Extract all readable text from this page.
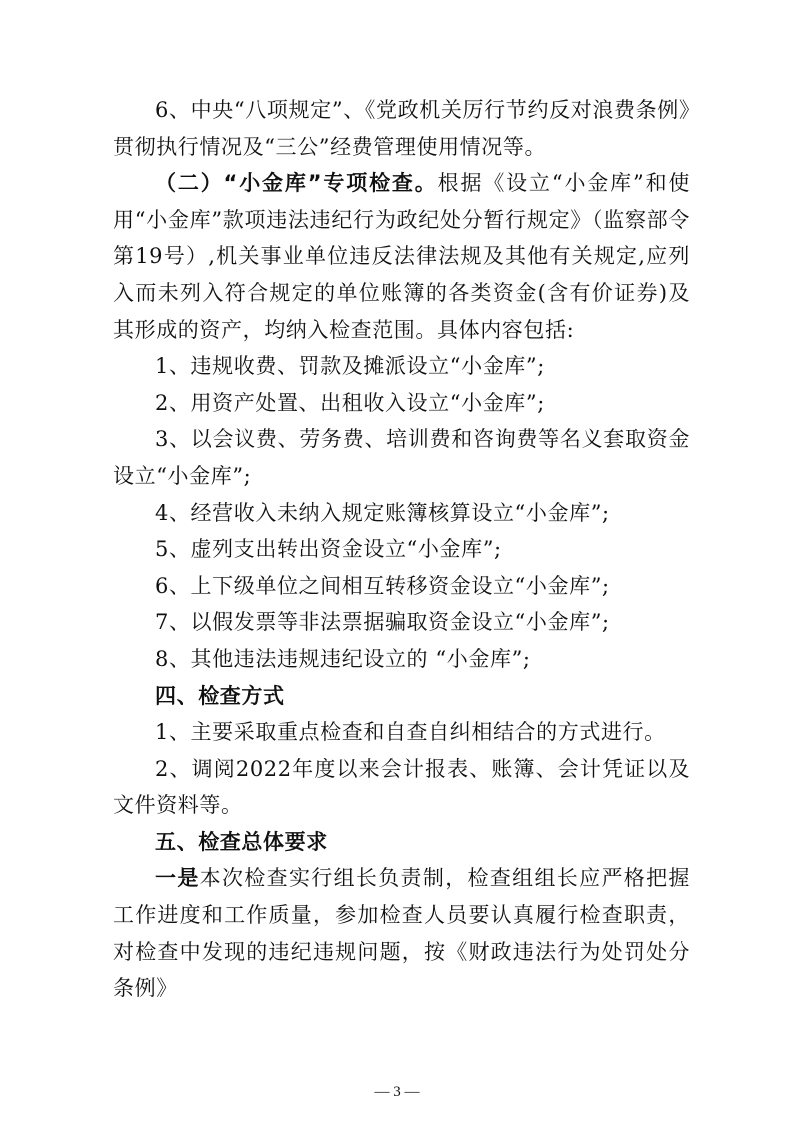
6、中央“八项规定”、《党政机关厉行节约反对浪费条例》贯彻执行情况及“三公”经费管理使用情况等。

（二）“小金库”专项检查。根据《设立“小金库”和使用“小金库”款项违法违纪行为政纪处分暂行规定》（监察部令第19号）,机关事业单位违反法律法规及其他有关规定,应列入而未列入符合规定的单位账簿的各类资金(含有价证券)及其形成的资产，均纳入检查范围。具体内容包括:

1、违规收费、罚款及摊派设立“小金库”;

2、用资产处置、出租收入设立“小金库”;

3、以会议费、劳务费、培训费和咨询费等名义套取资金设立“小金库”;

4、经营收入未纳入规定账簿核算设立“小金库”;

5、虚列支出转出资金设立“小金库”;

6、上下级单位之间相互转移资金设立“小金库”;

7、以假发票等非法票据骗取资金设立“小金库”;

8、其他违法违规违纪设立的 “小金库”;

四、检查方式

1、主要采取重点检查和自查自纠相结合的方式进行。

2、调阅2022年度以来会计报表、账簿、会计凭证以及文件资料等。

五、检查总体要求

一是本次检查实行组长负责制，检查组组长应严格把握工作进度和工作质量，参加检查人员要认真履行检查职责，对检查中发现的违纪违规问题，按《财政违法行为处罚处分条例》

— 3 —
